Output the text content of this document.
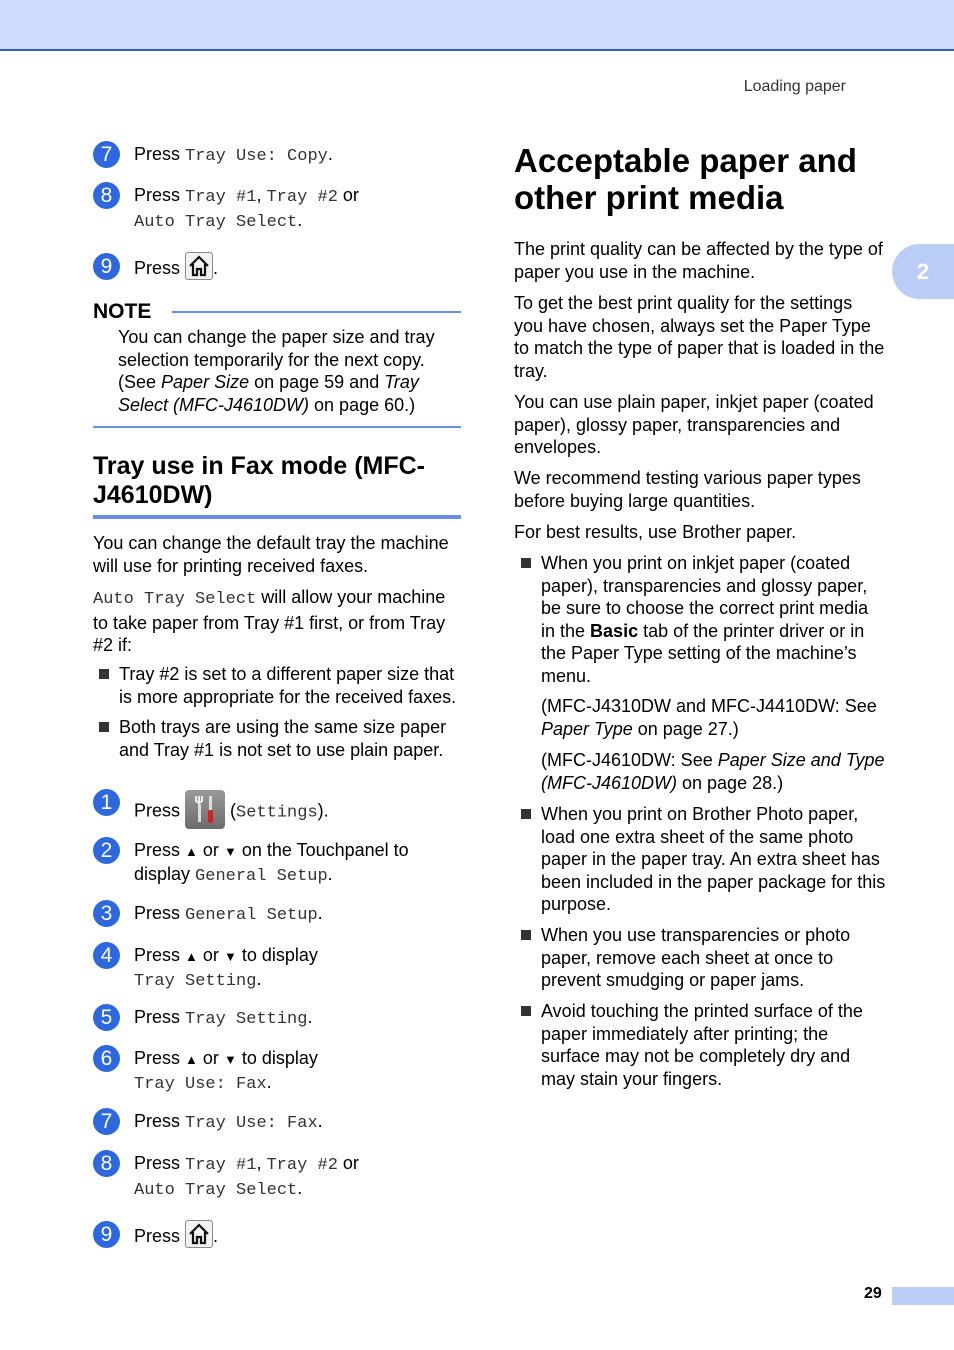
Loading paper
2
7	Press Tray Use: Copy.
8	Press Tray #1, Tray #2 or
Auto Tray Select.
9	Press .
NOTE
You can change the paper size and tray selection temporarily for the next copy. (See Paper Size on page 59 and Tray Select (MFC-J4610DW) on page 60.)
Tray use in Fax mode (MFC-J4610DW)
You can change the default tray the machine will use for printing received faxes.
Auto Tray Select will allow your machine to take paper from Tray #1 first, or from Tray #2 if:
Tray #2 is set to a different paper size that is more appropriate for the received faxes.
Both trays are using the same size paper and Tray #1 is not set to use plain paper.
1	Press	(Settings).
2	Press ▲ or ▼ on the Touchpanel to display General Setup.
3	Press General Setup.
4	Press ▲ or ▼ to display
Tray Setting.
5	Press Tray Setting.
6	Press ▲ or ▼ to display
Tray Use: Fax.
7	Press Tray Use: Fax.
8	Press Tray #1, Tray #2 or
Auto Tray Select.
9	Press .
Acceptable paper and other print media
The print quality can be affected by the type of paper you use in the machine.
To get the best print quality for the settings you have chosen, always set the Paper Type to match the type of paper that is loaded in the tray.
You can use plain paper, inkjet paper (coated paper), glossy paper, transparencies and envelopes.
We recommend testing various paper types before buying large quantities.
For best results, use Brother paper.
When you print on inkjet paper (coated paper), transparencies and glossy paper, be sure to choose the correct print media in the Basic tab of the printer driver or in the Paper Type setting of the machine’s menu.
(MFC-J4310DW and MFC-J4410DW: See Paper Type on page 27.)
(MFC-J4610DW: See Paper Size and Type (MFC-J4610DW) on page 28.)
When you print on Brother Photo paper, load one extra sheet of the same photo paper in the paper tray. An extra sheet has been included in the paper package for this purpose.
When you use transparencies or photo paper, remove each sheet at once to prevent smudging or paper jams.
Avoid touching the printed surface of the paper immediately after printing; the surface may not be completely dry and may stain your fingers.
29
